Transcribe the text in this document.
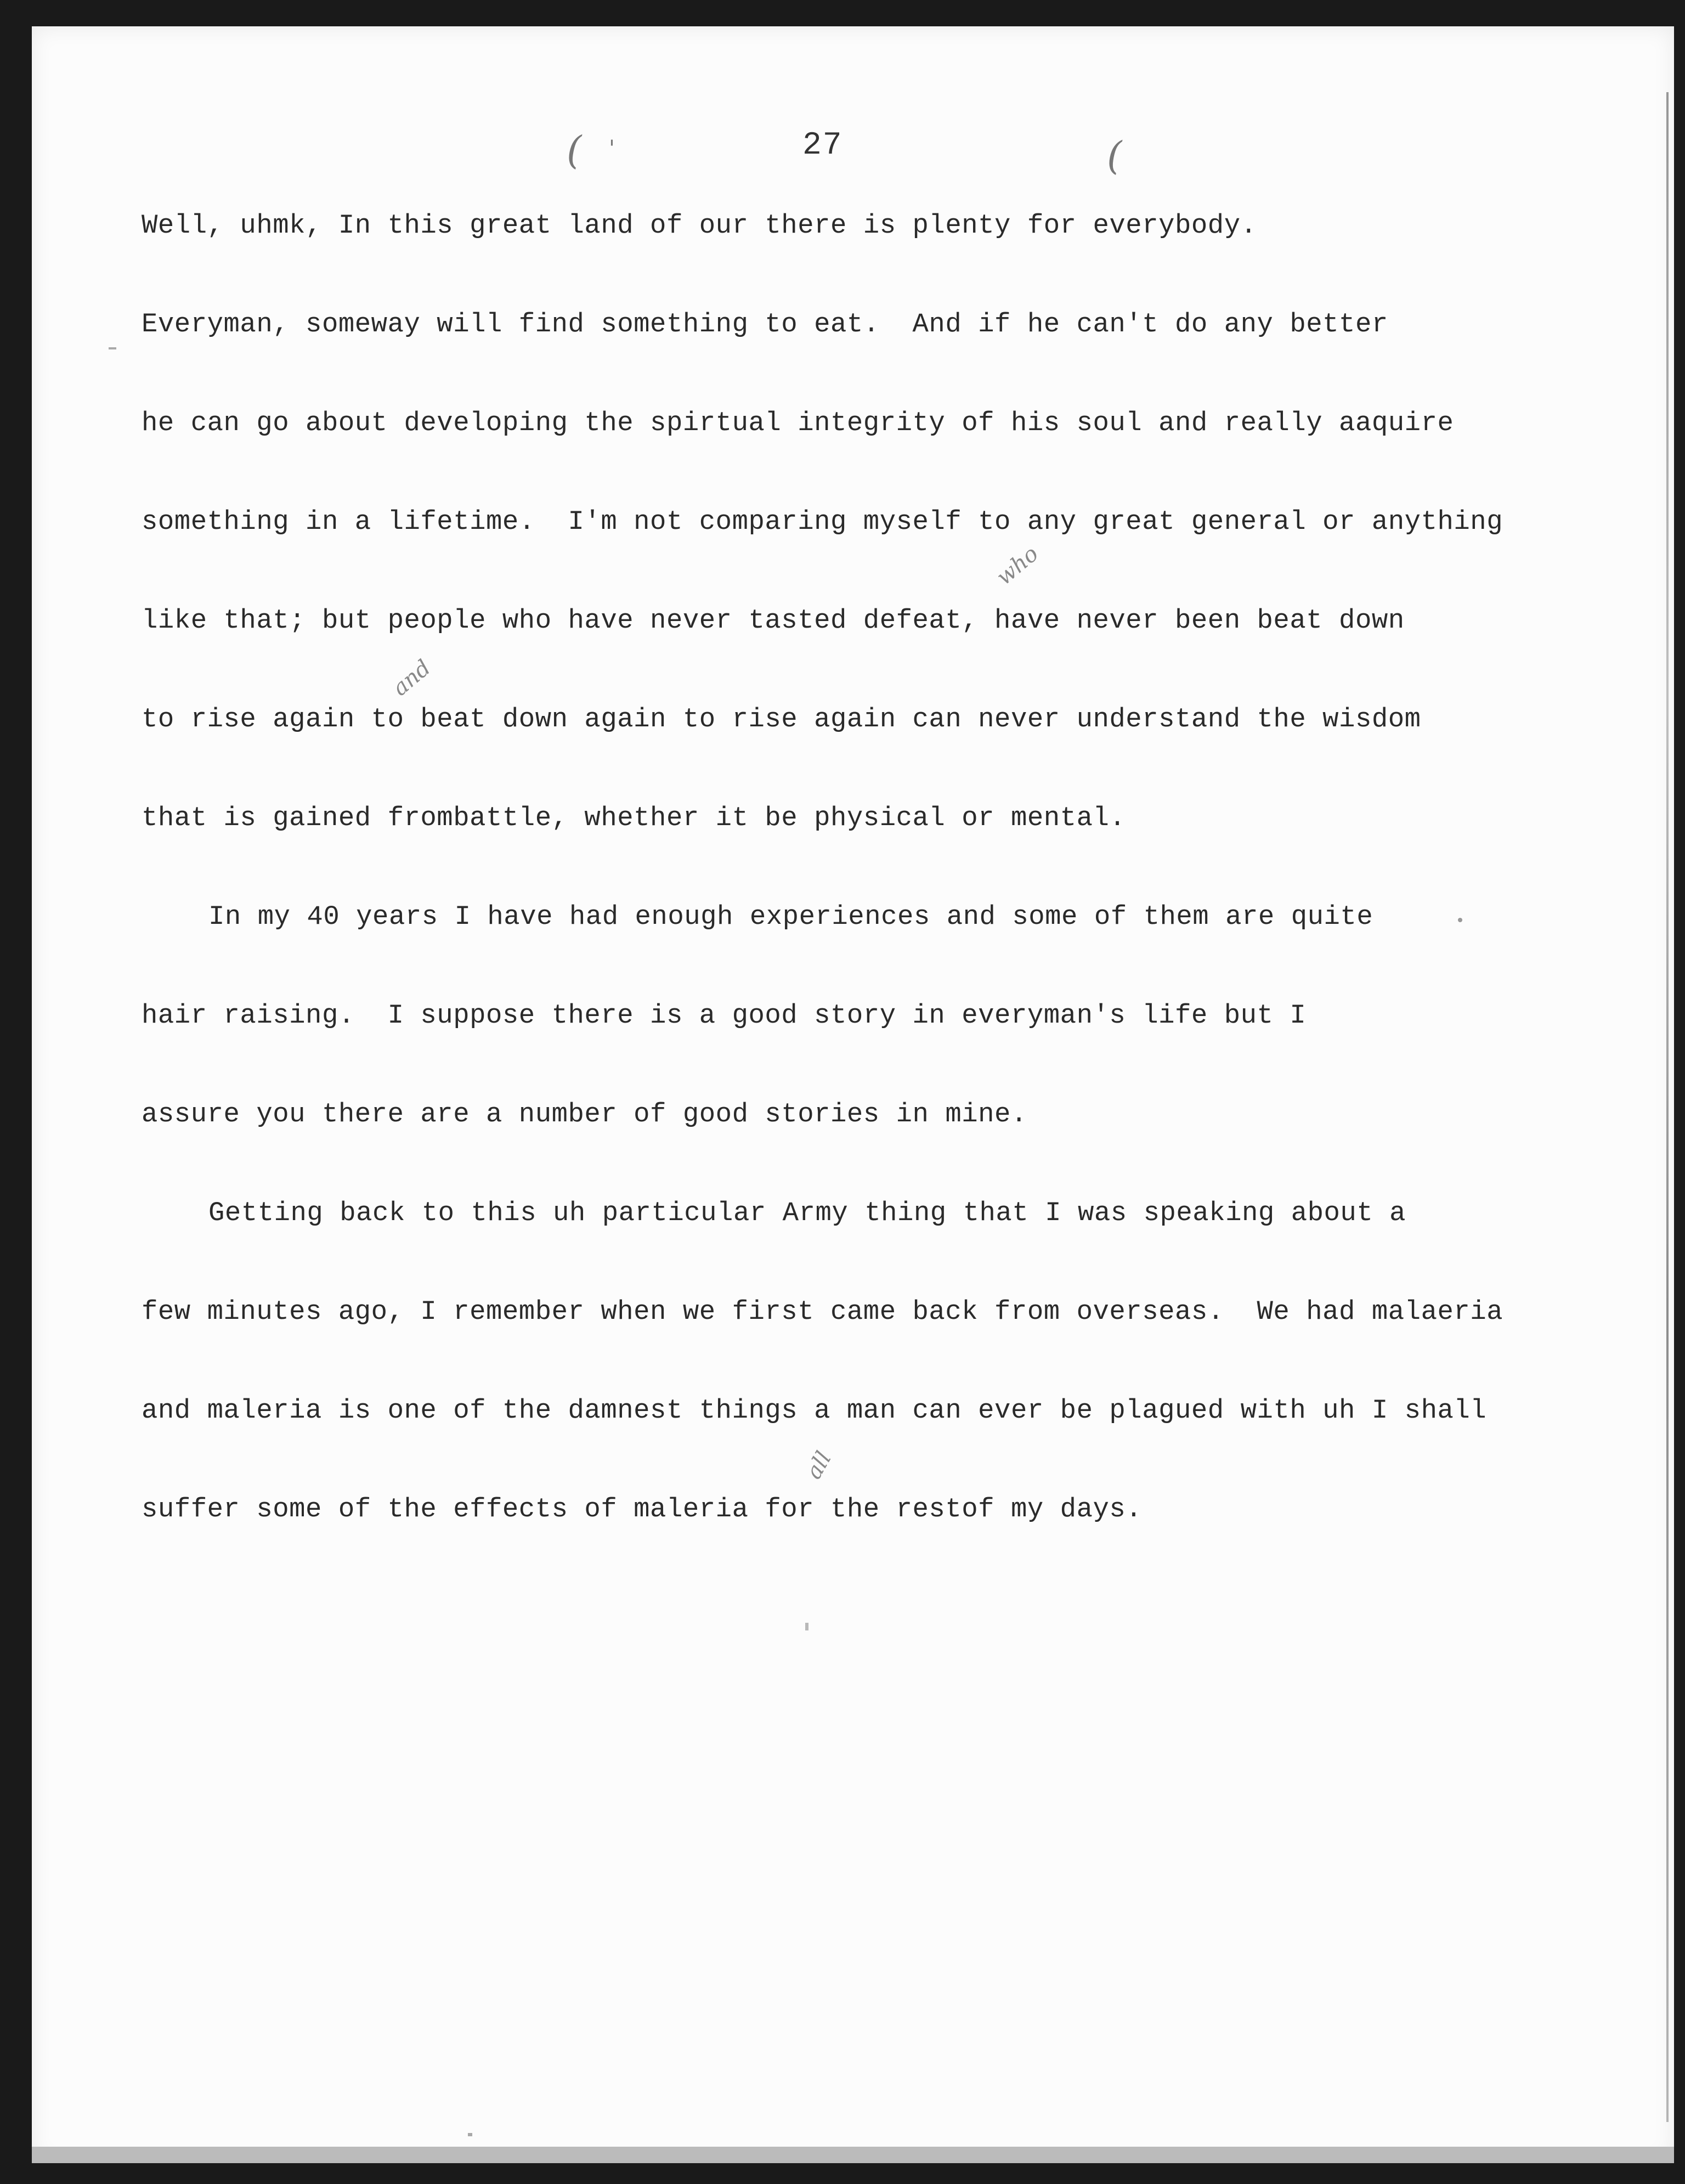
( '	27	(
Well, uhmk, In this great land of our there is plenty for everybody.
Everyman, someway will find something to eat.  And if he can't do any better
he can go about developing the spirtual integrity of his soul and really aaquire
something in a lifetime.  I'm not comparing myself to any great general or anything
who
like that; but people who have never tasted defeat, have never been beat down
and
to rise again to beat down again to rise again can never understand the wisdom
that is gained frombattle, whether it be physical or mental.
In my 40 years I have had enough experiences and some of them are quite
hair raising.  I suppose there is a good story in everyman's life but I
assure you there are a number of good stories in mine.
Getting back to this uh particular Army thing that I was speaking about a
few minutes ago, I remember when we first came back from overseas.  We had malaeria
and maleria is one of the damnest things a man can ever be plagued with uh I shall
all
suffer some of the effects of maleria for the restof my days.
